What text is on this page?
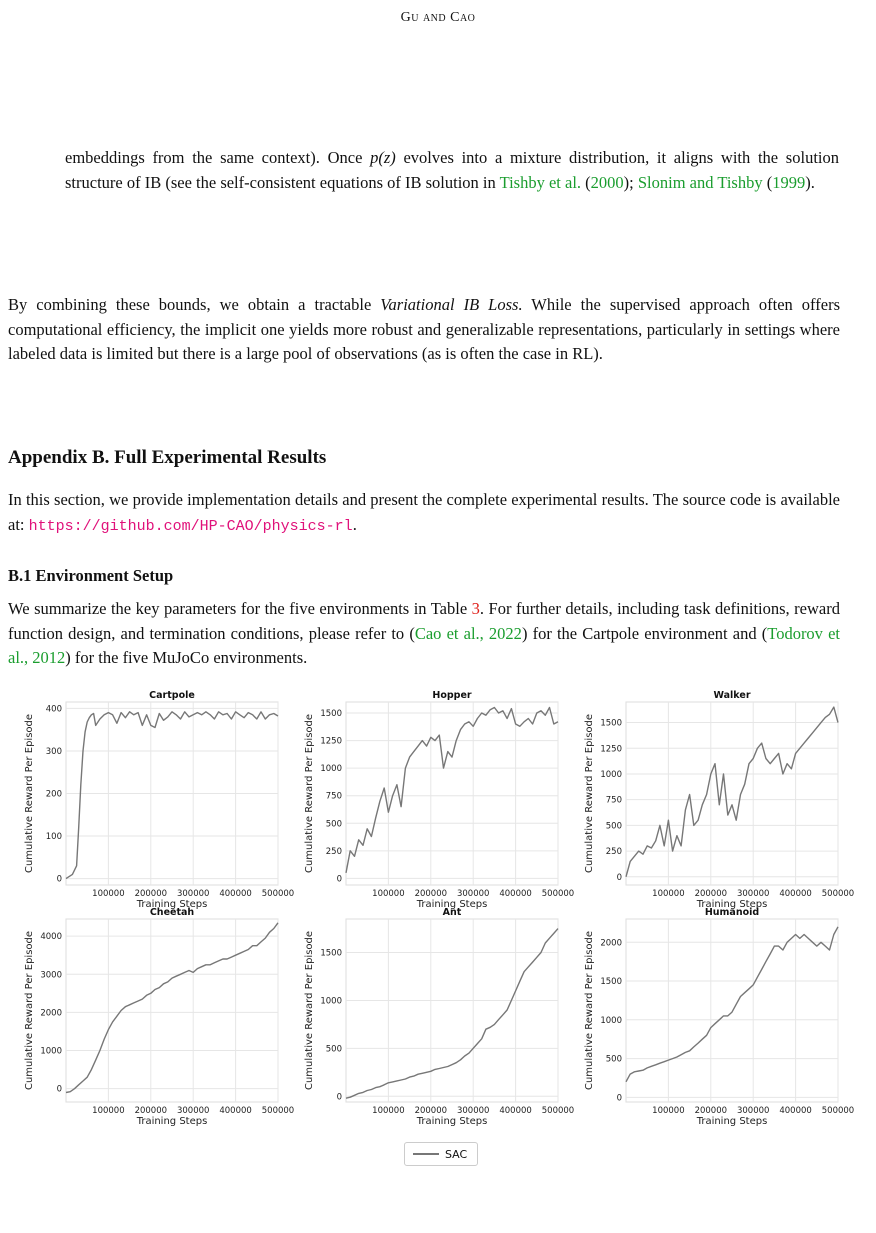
Gu and Cao

embeddings from the same context). Once p(z) evolves into a mixture distribution, it aligns with the solution structure of IB (see the self-consistent equations of IB solution in Tishby et al. (2000); Slonim and Tishby (1999).

By combining these bounds, we obtain a tractable Variational IB Loss. While the supervised approach often offers computational efficiency, the implicit one yields more robust and generalizable representations, particularly in settings where labeled data is limited but there is a large pool of observations (as is often the case in RL).

Appendix B. Full Experimental Results

In this section, we provide implementation details and present the complete experimental results. The source code is available at: https://github.com/HP-CAO/physics-rl.

B.1 Environment Setup

We summarize the key parameters for the five environments in Table 3. For further details, including task definitions, reward function design, and termination conditions, please refer to (Cao et al., 2022) for the Cartpole environment and (Todorov et al., 2012) for the five MuJoCo environments.

100000 200000 300000 400000 500000
0
100
200
300
400
Cartpole
Training Steps
Cumulative Reward Per Episode
100000 200000 300000 400000 500000
0
250
500
750
1000
1250
1500
Hopper
Training Steps
Cumulative Reward Per Episode
100000 200000 300000 400000 500000
0
250
500
750
1000
1250
1500
Walker
Training Steps
Cumulative Reward Per Episode
100000 200000 300000 400000 500000
0
1000
2000
3000
4000
Cheetah
Training Steps
Cumulative Reward Per Episode
100000 200000 300000 400000 500000
0
500
1000
1500
Ant
Training Steps
Cumulative Reward Per Episode
100000 200000 300000 400000 500000
0
500
1000
1500
2000
Humanoid
Training Steps
Cumulative Reward Per Episode
SAC
